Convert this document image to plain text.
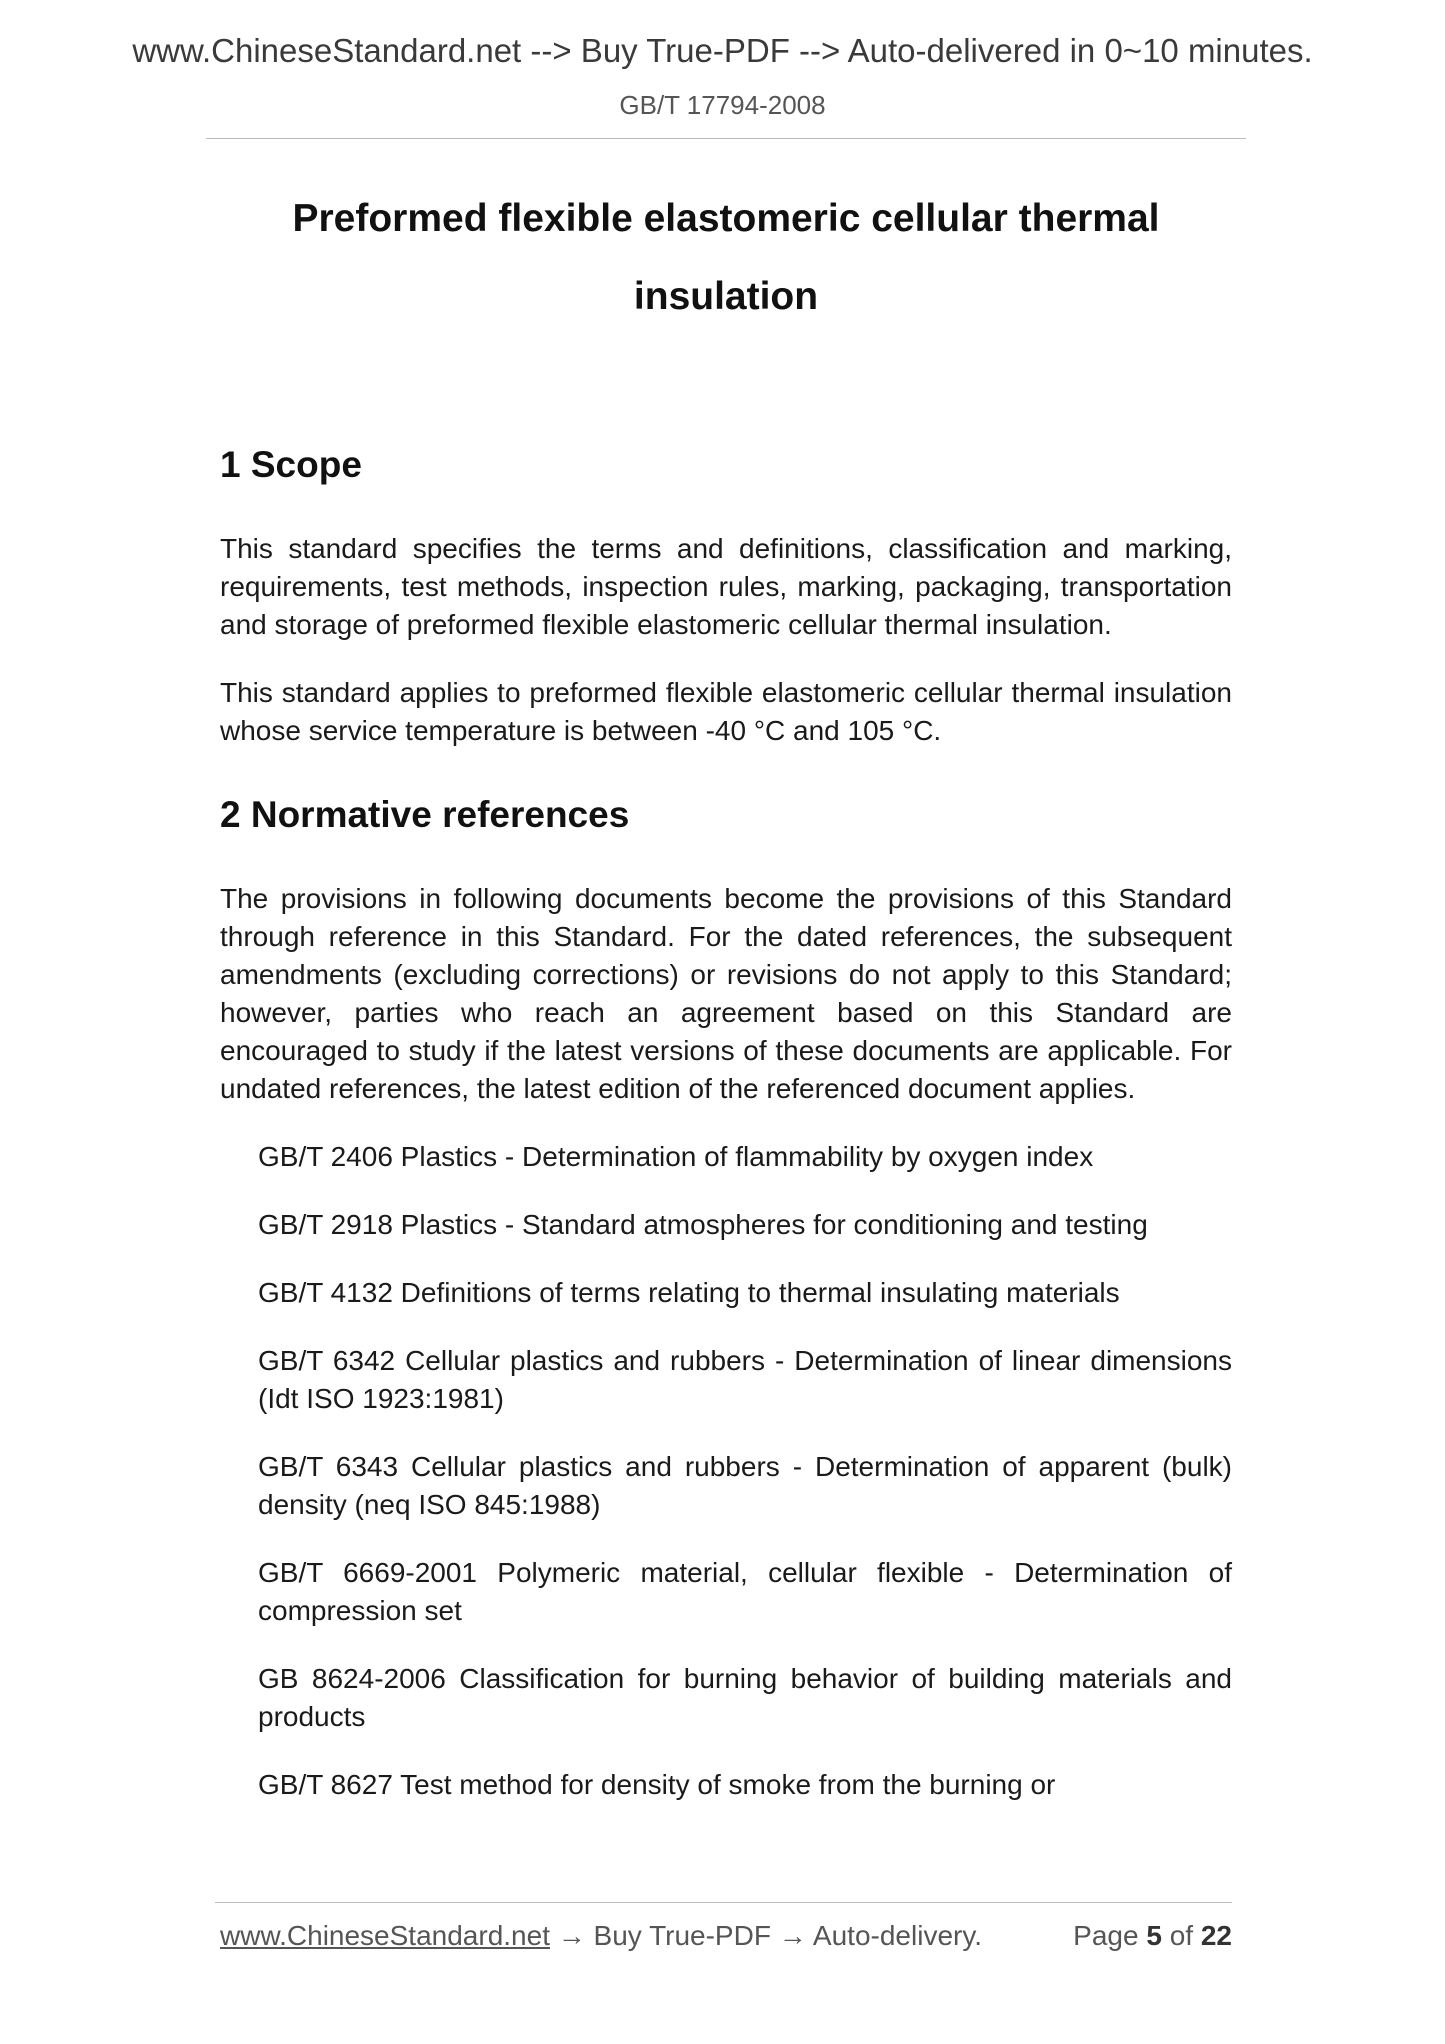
www.ChineseStandard.net --> Buy True-PDF --> Auto-delivered in 0~10 minutes.
GB/T 17794-2008
Preformed flexible elastomeric cellular thermal
insulation
1 Scope

This standard specifies the terms and definitions, classification and marking, requirements, test methods, inspection rules, marking, packaging, transportation and storage of preformed flexible elastomeric cellular thermal insulation.

This standard applies to preformed flexible elastomeric cellular thermal insulation whose service temperature is between -40 °C and 105 °C.

2 Normative references

The provisions in following documents become the provisions of this Standard through reference in this Standard. For the dated references, the subsequent amendments (excluding corrections) or revisions do not apply to this Standard; however, parties who reach an agreement based on this Standard are encouraged to study if the latest versions of these documents are applicable. For undated references, the latest edition of the referenced document applies.

GB/T 2406 Plastics - Determination of flammability by oxygen index
GB/T 2918 Plastics - Standard atmospheres for conditioning and testing
GB/T 4132 Definitions of terms relating to thermal insulating materials
GB/T 6342 Cellular plastics and rubbers - Determination of linear dimensions (Idt ISO 1923:1981)
GB/T 6343 Cellular plastics and rubbers - Determination of apparent (bulk) density (neq ISO 845:1988)
GB/T 6669-2001 Polymeric material, cellular flexible - Determination of compression set
GB 8624-2006 Classification for burning behavior of building materials and products
GB/T 8627 Test method for density of smoke from the burning or
www.ChineseStandard.net → Buy True-PDF → Auto-delivery.	Page 5 of 22
